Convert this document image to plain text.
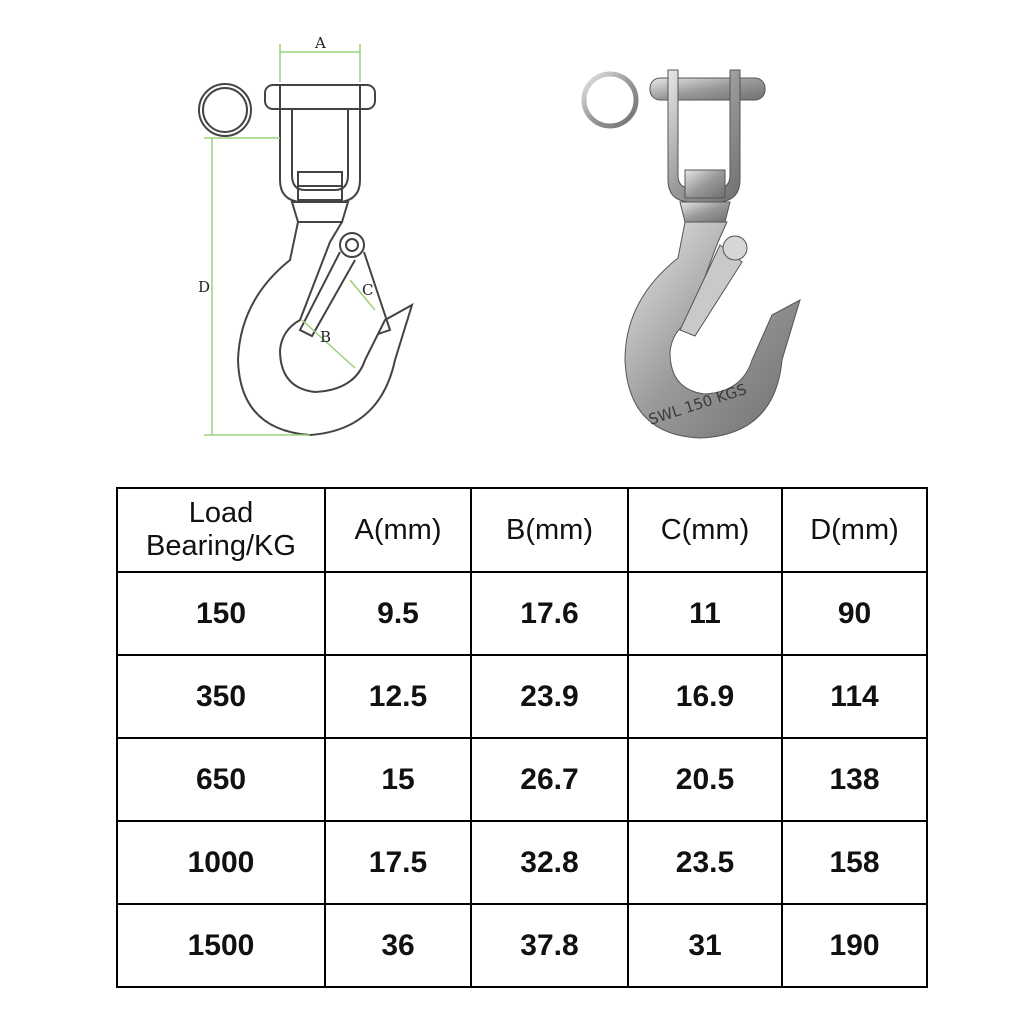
A
D
B
C
SWL 150 KGS
Load
Bearing/KG	A(mm)	B(mm)	C(mm)	D(mm)
150	9.5	17.6	11	90
350	12.5	23.9	16.9	114
650	15	26.7	20.5	138
1000	17.5	32.8	23.5	158
1500	36	37.8	31	190
